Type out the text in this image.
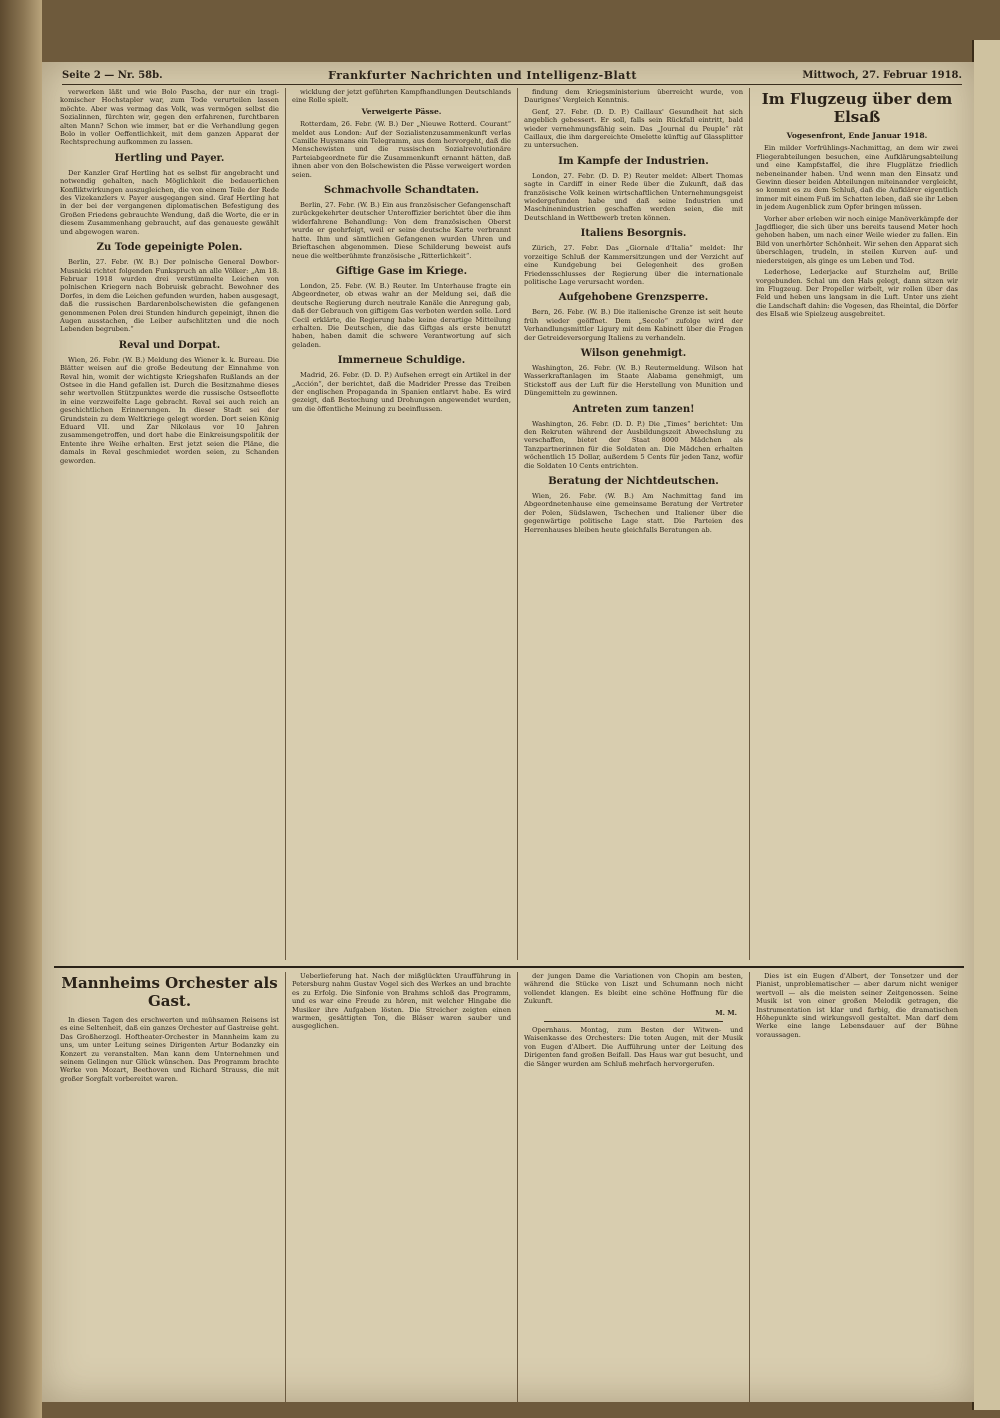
Seite 2 — Nr. 58b.	Frankfurter Nachrichten und Intelligenz-Blatt	Mittwoch, 27. Februar 1918.

verwerken läßt und wie Bolo Pascha, der nur ein tragi-komischer Hochstapler war, zum Tode verurteilen lassen möchte. Aber was vermag das Volk, was vermögen selbst die Sozialinnen, fürchten wir, gegen den erfahrenen, furchtbaren alten Mann? Schon wie immer, bat er die Verhandlung gegen Bolo in voller Oeffentlichkeit, mit dem ganzen Apparat der Rechtsprechung aufkommen zu lassen.

Hertling und Payer.

Der Kanzler Graf Hertling hat es selbst für angebracht und notwendig gehalten, nach Möglichkeit die bedauerlichen Konfliktwirkungen auszugleichen, die von einem Teile der Rede des Vizekanzlers v. Payer ausgegangen sind. Graf Hertling hat in der bei der vergangenen diplomatischen Befestigung des Großen Friedens gebrauchte Wendung, daß die Worte, die er in diesem Zusammenhang gebraucht, auf das genaueste gewählt und abgewogen waren.

Zu Tode gepeinigte Polen.

Berlin, 27. Febr. (W. B.) Der polnische General Dowbor-Musnicki richtet folgenden Funkspruch an alle Völker: „Am 18. Februar 1918 wurden drei verstümmelte Leichen von polnischen Kriegern nach Bobruisk gebracht. Bewohner des Dorfes, in dem die Leichen gefunden wurden, haben ausgesagt, daß die russischen Bardarenbolschewisten die gefangenen genommenen Polen drei Stunden hindurch gepeinigt, ihnen die Augen ausstachen, die Leiber aufschlitzten und die noch Lebenden begruben.“

Reval und Dorpat.

Wien, 26. Febr. (W. B.) Meldung des Wiener k. k. Bureau. Die Blätter weisen auf die große Bedeutung der Einnahme von Reval hin, womit der wichtigste Kriegshafen Rußlands an der Ostsee in die Hand gefallen ist. Durch die Besitznahme dieses sehr wertvollen Stützpunktes werde die russische Ostseeflotte in eine verzweifelte Lage gebracht. Reval sei auch reich an geschichtlichen Erinnerungen. In dieser Stadt sei der Grundstein zu dem Weltkriege gelegt worden. Dort seien König Eduard VII. und Zar Nikolaus vor 10 Jahren zusammengetroffen, und dort habe die Einkreisungspolitik der Entente ihre Weihe erhalten. Erst jetzt seien die Pläne, die damals in Reval geschmiedet worden seien, zu Schanden geworden.

wicklung der jetzt geführten Kampfhandlungen Deutschlands eine Rolle spielt.

Verweigerte Pässe.

Rotterdam, 26. Febr. (W. B.) Der „Nieuwe Rotterd. Courant“ meldet aus London: Auf der Sozialistenzusammenkunft verlas Camille Huysmans ein Telegramm, aus dem hervorgeht, daß die Menschewisten und die russischen Sozialrevolutionäre Parteiabgeordnete für die Zusammenkunft ernannt hätten, daß ihnen aber von den Bolschewisten die Pässe verweigert worden seien.

Schmachvolle Schandtaten.

Berlin, 27. Febr. (W. B.) Ein aus französischer Gefangenschaft zurückgekehrter deutscher Unteroffizier berichtet über die ihm widerfahrene Behandlung: Von dem französischen Oberst wurde er geohrfeigt, weil er seine deutsche Karte verbrannt hatte. Ihm und sämtlichen Gefangenen wurden Uhren und Brieftaschen abgenommen. Diese Schilderung beweist aufs neue die weltberühmte französische „Ritterlichkeit“.

Giftige Gase im Kriege.

London, 25. Febr. (W. B.) Reuter. Im Unterhause fragte ein Abgeordneter, ob etwas wahr an der Meldung sei, daß die deutsche Regierung durch neutrale Kanäle die Anregung gab, daß der Gebrauch von giftigem Gas verboten werden solle. Lord Cecil erklärte, die Regierung habe keine derartige Mitteilung erhalten. Die Deutschen, die das Giftgas als erste benutzt haben, haben damit die schwere Verantwortung auf sich geladen.

Immerneue Schuldige.

Madrid, 26. Febr. (D. D. P.) Aufsehen erregt ein Artikel in der „Acción“, der berichtet, daß die Madrider Presse das Treiben der englischen Propaganda in Spanien entlarvt habe. Es wird gezeigt, daß Bestechung und Drohungen angewendet wurden, um die öffentliche Meinung zu beeinflussen.

findung dem Kriegsministerium überreicht wurde, von Daurignes' Vergleich Kenntnis.

Genf, 27. Febr. (D. D. P.) Caillaux' Gesundheit hat sich angeblich gebessert. Er soll, falls sein Rückfall eintritt, bald wieder vernehmungsfähig sein. Das „Journal du Peuple“ rät Caillaux, die ihm dargereichte Omelette künftig auf Glassplitter zu untersuchen.

Im Kampfe der Industrien.

London, 27. Febr. (D. D. P.) Reuter meldet: Albert Thomas sagte in Cardiff in einer Rede über die Zukunft, daß das französische Volk keinen wirtschaftlichen Unternehmungsgeist wiedergefunden habe und daß seine Industrien und Maschinenindustrien geschaffen werden seien, die mit Deutschland in Wettbewerb treten können.

Italiens Besorgnis.

Zürich, 27. Febr. Das „Giornale d'Italia“ meldet: Ihr vorzeitige Schluß der Kammersitzungen und der Verzicht auf eine Kundgebung bei Gelegenheit des großen Friedensschlusses der Regierung über die internationale politische Lage verursacht worden.

Aufgehobene Grenzsperre.

Bern, 26. Febr. (W. B.) Die italienische Grenze ist seit heute früh wieder geöffnet. Dem „Secolo“ zufolge wird der Verhandlungsmittler Ligury mit dem Kabinett über die Fragen der Getreideversorgung Italiens zu verhandeln.

Wilson genehmigt.

Washington, 26. Febr. (W. B.) Reutermeldung. Wilson hat Wasserkraftanlagen im Staate Alabama genehmigt, um Stickstoff aus der Luft für die Herstellung von Munition und Düngemitteln zu gewinnen.

Antreten zum tanzen!

Washington, 26. Febr. (D. D. P.) Die „Times“ berichtet: Um den Rekruten während der Ausbildungszeit Abwechslung zu verschaffen, bietet der Staat 8000 Mädchen als Tanzpartnerinnen für die Soldaten an. Die Mädchen erhalten wöchentlich 15 Dollar, außerdem 5 Cents für jeden Tanz, wofür die Soldaten 10 Cents entrichten.

Beratung der Nichtdeutschen.

Wien, 26. Febr. (W. B.) Am Nachmittag fand im Abgeordnetenhause eine gemeinsame Beratung der Vertreter der Polen, Südslawen, Tschechen und Italiener über die gegenwärtige politische Lage statt. Die Parteien des Herrenhauses bleiben heute gleichfalls Beratungen ab.

Im Flugzeug über dem Elsaß
Vogesenfront, Ende Januar 1918.

Ein milder Vorfrühlings-Nachmittag, an dem wir zwei Fliegerabteilungen besuchen, eine Aufklärungsabteilung und eine Kampfstaffel, die ihre Flugplätze friedlich nebeneinander haben. Und wenn man den Einsatz und Gewinn dieser beiden Abteilungen miteinander vergleicht, so kommt es zu dem Schluß, daß die Aufklärer eigentlich immer mit einem Fuß im Schatten leben, daß sie ihr Leben in jedem Augenblick zum Opfer bringen müssen.

Vorher aber erleben wir noch einige Manöverkämpfe der Jagdflieger, die sich über uns bereits tausend Meter hoch gehoben haben, um nach einer Weile wieder zu fallen. Ein Bild von unerhörter Schönheit. Wir sehen den Apparat sich überschlagen, trudeln, in steilen Kurven auf- und niedersteigen, als ginge es um Leben und Tod.

Lederhose, Lederjacke auf Sturzhelm auf, Brille vorgebunden. Schal um den Hals gelegt, dann sitzen wir im Flugzeug. Der Propeller wirbelt, wir rollen über das Feld und heben uns langsam in die Luft. Unter uns zieht die Landschaft dahin: die Vogesen, das Rheintal, die Dörfer des Elsaß wie Spielzeug ausgebreitet.

Mannheims Orchester als Gast.

In diesen Tagen des erschwerten und mühsamen Reisens ist es eine Seltenheit, daß ein ganzes Orchester auf Gastreise geht. Das Großherzogl. Hoftheater-Orchester in Mannheim kam zu uns, um unter Leitung seines Dirigenten Artur Bodanzky ein Konzert zu veranstalten. Man kann dem Unternehmen und seinem Gelingen nur Glück wünschen. Das Programm brachte Werke von Mozart, Beethoven und Richard Strauss, die mit großer Sorgfalt vorbereitet waren.

Ueberlieferung hat. Nach der mißglückten Uraufführung in Petersburg nahm Gustav Vogel sich des Werkes an und brachte es zu Erfolg. Die Sinfonie von Brahms schloß das Programm, und es war eine Freude zu hören, mit welcher Hingabe die Musiker ihre Aufgaben lösten. Die Streicher zeigten einen warmen, gesättigten Ton, die Bläser waren sauber und ausgeglichen.

der jungen Dame die Variationen von Chopin am besten, während die Stücke von Liszt und Schumann noch nicht vollendet klangen. Es bleibt eine schöne Hoffnung für die Zukunft.

M. M.

Opernhaus. Montag, zum Besten der Witwen- und Waisenkasse des Orchesters: Die toten Augen, mit der Musik von Eugen d'Albert. Die Aufführung unter der Leitung des Dirigenten fand großen Beifall. Das Haus war gut besucht, und die Sänger wurden am Schluß mehrfach hervorgerufen.

Dies ist ein Eugen d'Albert, der Tonsetzer und der Pianist, unproblematischer — aber darum nicht weniger wertvoll — als die meisten seiner Zeitgenossen. Seine Musik ist von einer großen Melodik getragen, die Instrumentation ist klar und farbig, die dramatischen Höhepunkte sind wirkungsvoll gestaltet. Man darf dem Werke eine lange Lebensdauer auf der Bühne voraussagen.
